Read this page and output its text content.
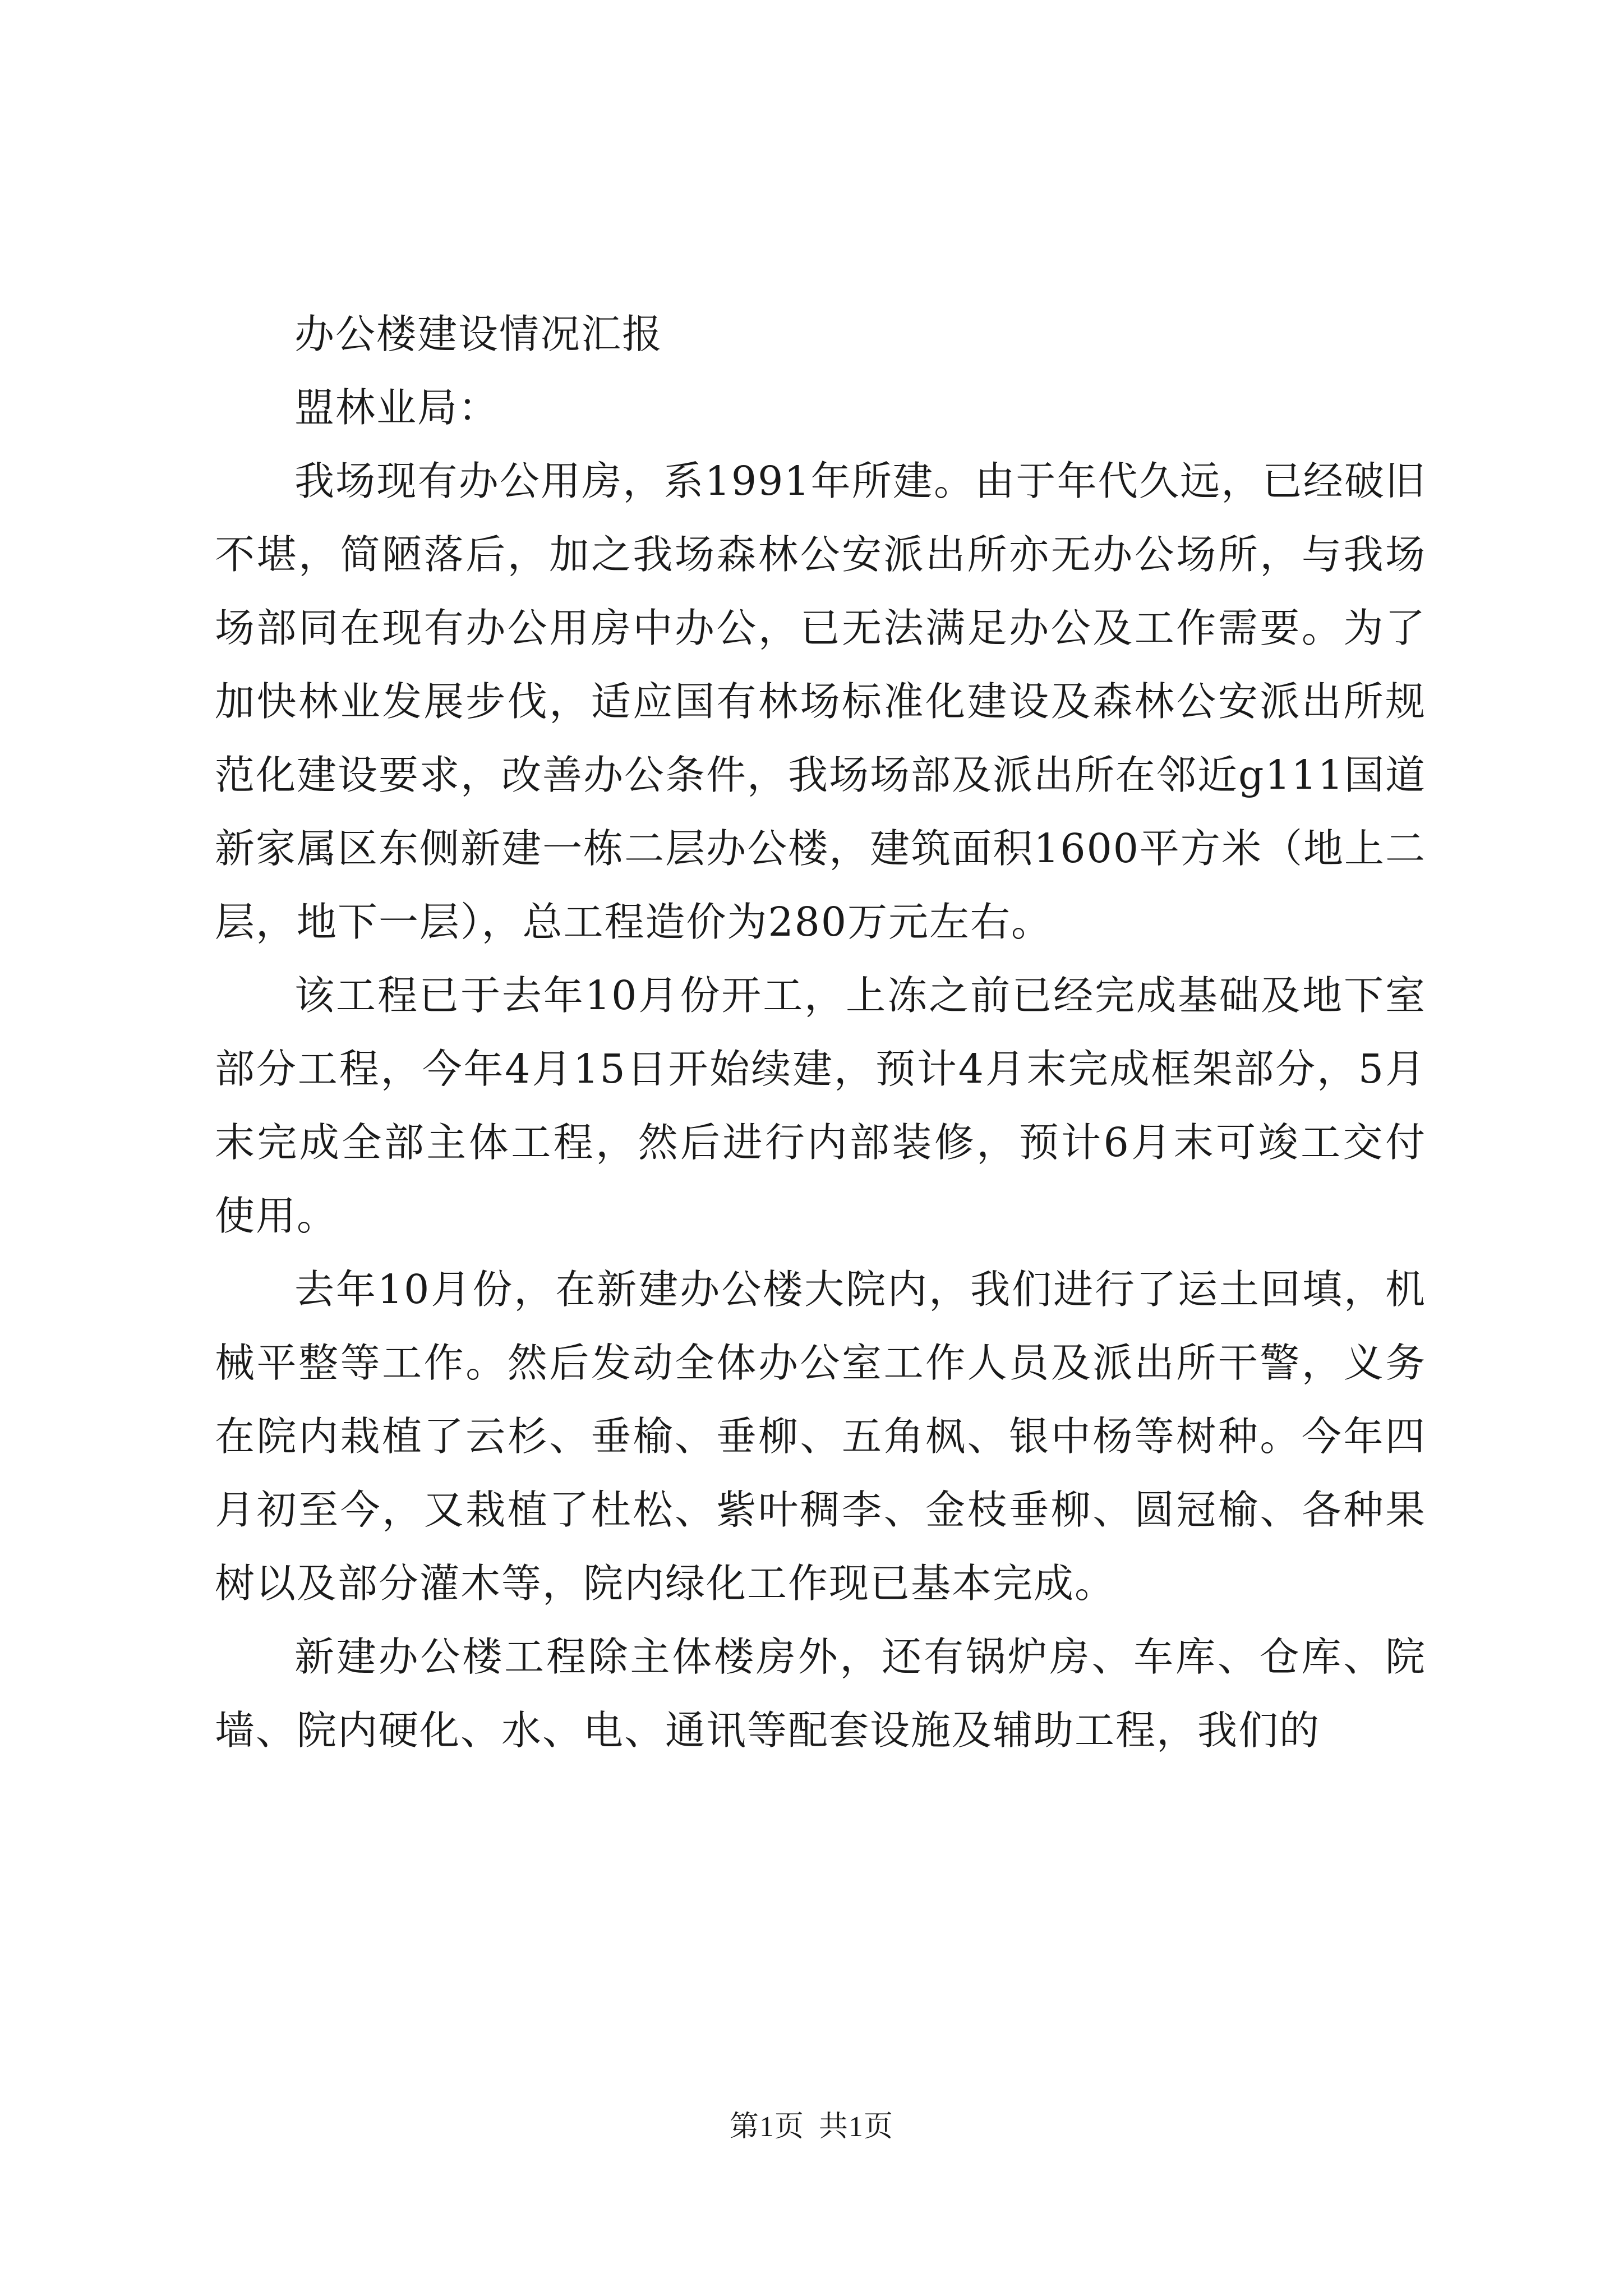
办公楼建设情况汇报

盟林业局：

我场现有办公用房，系1991年所建。由于年代久远，已经破旧不堪，简陋落后，加之我场森林公安派出所亦无办公场所，与我场场部同在现有办公用房中办公，已无法满足办公及工作需要。为了加快林业发展步伐，适应国有林场标准化建设及森林公安派出所规范化建设要求，改善办公条件，我场场部及派出所在邻近g111国道新家属区东侧新建一栋二层办公楼，建筑面积1600平方米（地上二层，地下一层），总工程造价为280万元左右。

该工程已于去年10月份开工，上冻之前已经完成基础及地下室部分工程，今年4月15日开始续建，预计4月末完成框架部分，5月末完成全部主体工程，然后进行内部装修，预计6月末可竣工交付使用。

去年10月份，在新建办公楼大院内，我们进行了运土回填，机械平整等工作。然后发动全体办公室工作人员及派出所干警，义务在院内栽植了云杉、垂榆、垂柳、五角枫、银中杨等树种。今年四月初至今，又栽植了杜松、紫叶稠李、金枝垂柳、圆冠榆、各种果树以及部分灌木等，院内绿化工作现已基本完成。

新建办公楼工程除主体楼房外，还有锅炉房、车库、仓库、院墙、院内硬化、水、电、通讯等配套设施及辅助工程，我们的

第1页 共1页
